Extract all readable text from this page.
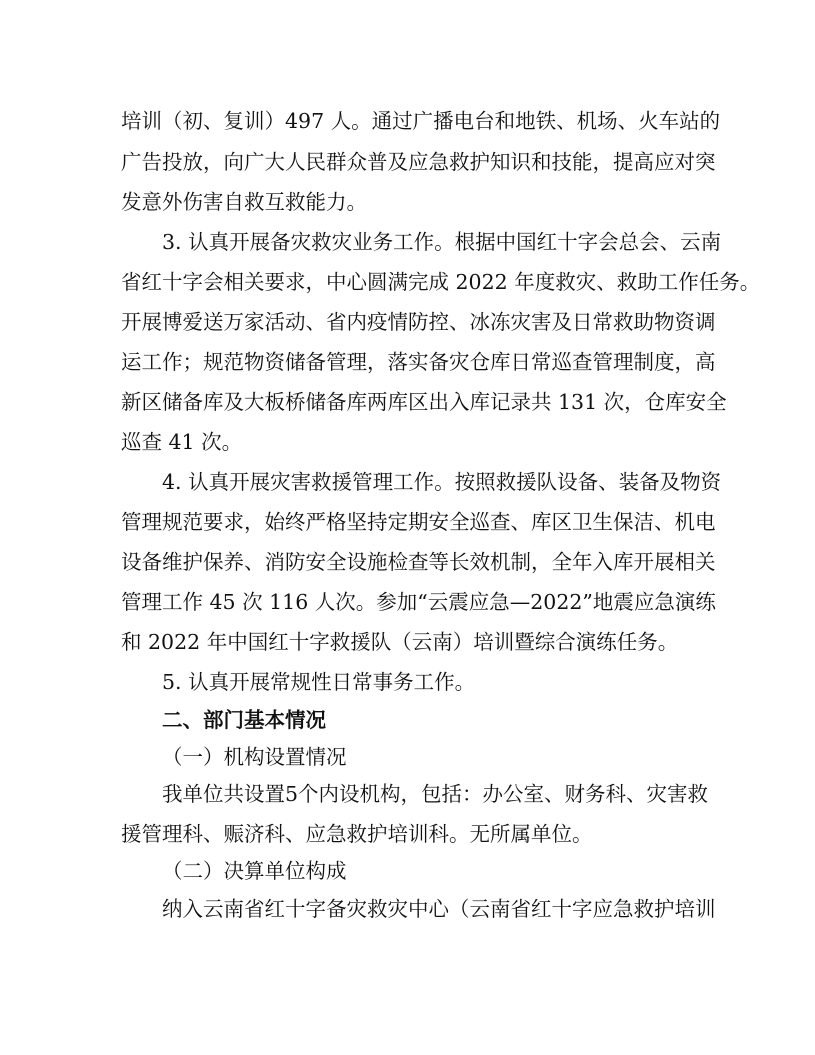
培训（初、复训）497 人。通过广播电台和地铁、机场、火车站的
广告投放，向广大人民群众普及应急救护知识和技能，提高应对突
发意外伤害自救互救能力。
3. 认真开展备灾救灾业务工作。根据中国红十字会总会、云南
省红十字会相关要求，中心圆满完成 2022 年度救灾、救助工作任务。
开展博爱送万家活动、省内疫情防控、冰冻灾害及日常救助物资调
运工作；规范物资储备管理，落实备灾仓库日常巡查管理制度，高
新区储备库及大板桥储备库两库区出入库记录共 131 次，仓库安全
巡查 41 次。
4. 认真开展灾害救援管理工作。按照救援队设备、装备及物资
管理规范要求，始终严格坚持定期安全巡查、库区卫生保洁、机电
设备维护保养、消防安全设施检查等长效机制，全年入库开展相关
管理工作 45 次 116 人次。参加“云震应急—2022”地震应急演练
和 2022 年中国红十字救援队（云南）培训暨综合演练任务。
5. 认真开展常规性日常事务工作。
二、部门基本情况
（一）机构设置情况
我单位共设置5个内设机构，包括：办公室、财务科、灾害救
援管理科、赈济科、应急救护培训科。无所属单位。
（二）决算单位构成
纳入云南省红十字备灾救灾中心（云南省红十字应急救护培训
